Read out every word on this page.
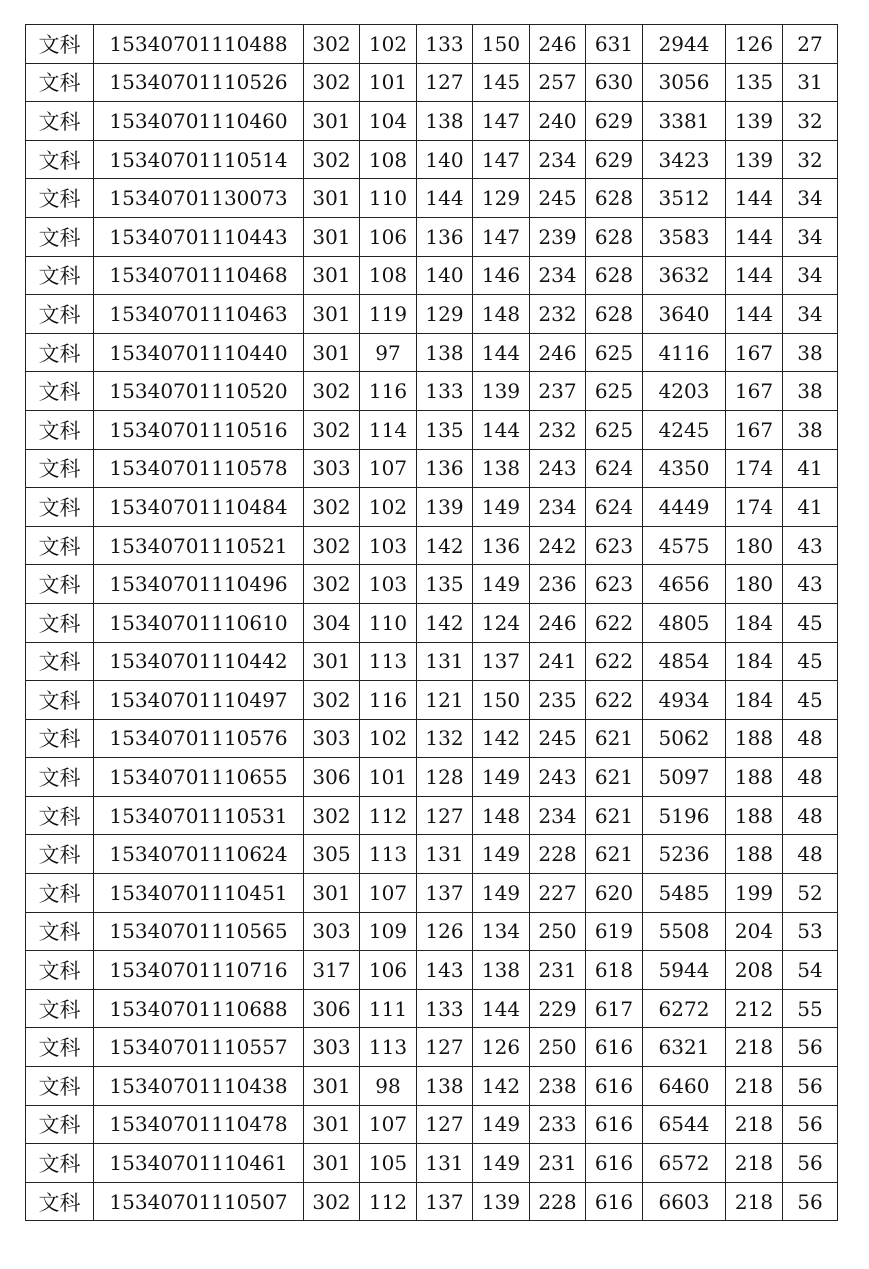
文科	15340701110488	302	102	133	150	246	631	2944	126	27
文科	15340701110526	302	101	127	145	257	630	3056	135	31
文科	15340701110460	301	104	138	147	240	629	3381	139	32
文科	15340701110514	302	108	140	147	234	629	3423	139	32
文科	15340701130073	301	110	144	129	245	628	3512	144	34
文科	15340701110443	301	106	136	147	239	628	3583	144	34
文科	15340701110468	301	108	140	146	234	628	3632	144	34
文科	15340701110463	301	119	129	148	232	628	3640	144	34
文科	15340701110440	301	97	138	144	246	625	4116	167	38
文科	15340701110520	302	116	133	139	237	625	4203	167	38
文科	15340701110516	302	114	135	144	232	625	4245	167	38
文科	15340701110578	303	107	136	138	243	624	4350	174	41
文科	15340701110484	302	102	139	149	234	624	4449	174	41
文科	15340701110521	302	103	142	136	242	623	4575	180	43
文科	15340701110496	302	103	135	149	236	623	4656	180	43
文科	15340701110610	304	110	142	124	246	622	4805	184	45
文科	15340701110442	301	113	131	137	241	622	4854	184	45
文科	15340701110497	302	116	121	150	235	622	4934	184	45
文科	15340701110576	303	102	132	142	245	621	5062	188	48
文科	15340701110655	306	101	128	149	243	621	5097	188	48
文科	15340701110531	302	112	127	148	234	621	5196	188	48
文科	15340701110624	305	113	131	149	228	621	5236	188	48
文科	15340701110451	301	107	137	149	227	620	5485	199	52
文科	15340701110565	303	109	126	134	250	619	5508	204	53
文科	15340701110716	317	106	143	138	231	618	5944	208	54
文科	15340701110688	306	111	133	144	229	617	6272	212	55
文科	15340701110557	303	113	127	126	250	616	6321	218	56
文科	15340701110438	301	98	138	142	238	616	6460	218	56
文科	15340701110478	301	107	127	149	233	616	6544	218	56
文科	15340701110461	301	105	131	149	231	616	6572	218	56
文科	15340701110507	302	112	137	139	228	616	6603	218	56
